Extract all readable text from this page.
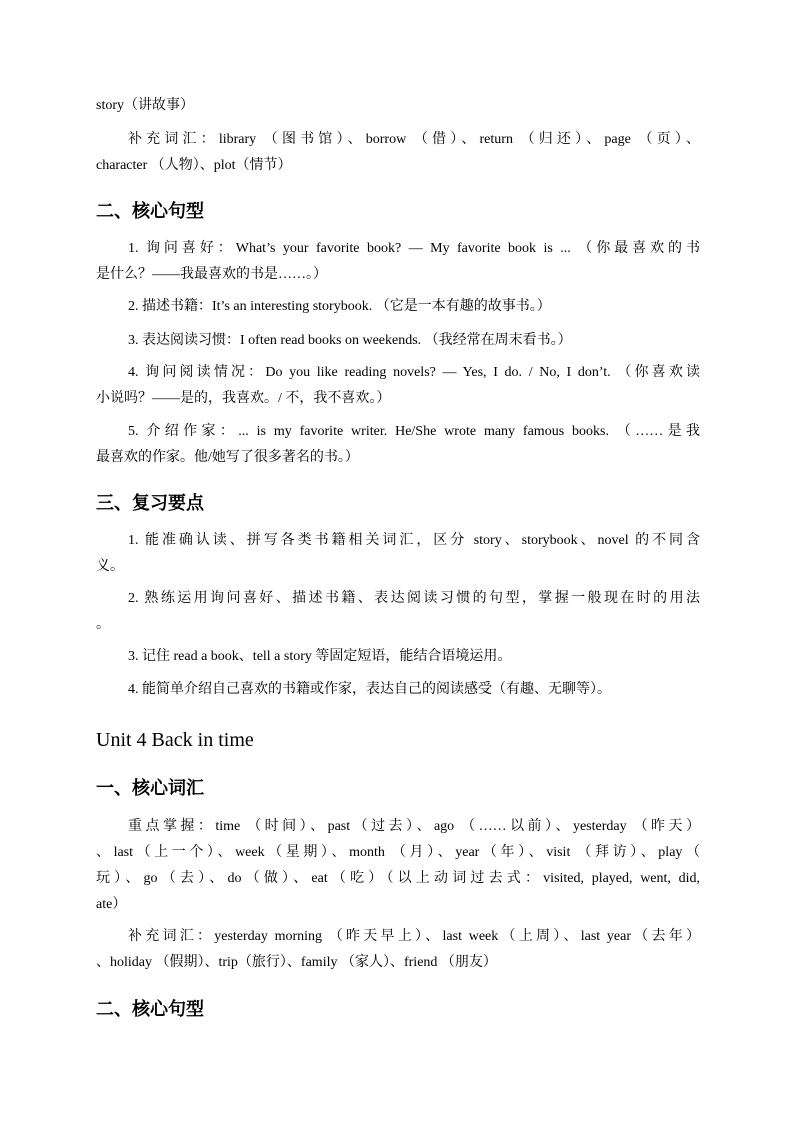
story（讲故事）
补充词汇：library （图书馆）、borrow （借）、return （归还）、page （页）、
character （人物）、plot（情节）
二、核心句型
1. 询问喜好：What’s your favorite book? — My favorite book is ... （你最喜欢的书
是什么？——我最喜欢的书是……。）
2. 描述书籍：It’s an interesting storybook. （它是一本有趣的故事书。）
3. 表达阅读习惯：I often read books on weekends. （我经常在周末看书。）
4. 询问阅读情况：Do you like reading novels? — Yes, I do. / No, I don’t. （你喜欢读
小说吗？——是的，我喜欢。/ 不，我不喜欢。）
5. 介绍作家：... is my favorite writer. He/She wrote many famous books. （……是我
最喜欢的作家。他/她写了很多著名的书。）
三、复习要点
1. 能准确认读、拼写各类书籍相关词汇，区分 story、storybook、novel 的不同含
义。
2. 熟练运用询问喜好、描述书籍、表达阅读习惯的句型，掌握一般现在时的用法
。
3. 记住 read a book、tell a story 等固定短语，能结合语境运用。
4. 能简单介绍自己喜欢的书籍或作家，表达自己的阅读感受（有趣、无聊等）。
Unit 4 Back in time
一、核心词汇
重点掌握：time （时间）、past（过去）、ago （……以前）、yesterday （昨天）
、last（上一个）、week（星期）、month （月）、year（年）、visit （拜访）、play（
玩）、go（去）、do（做）、eat（吃）（以上动词过去式：visited, played, went, did,
ate）
补充词汇：yesterday morning （昨天早上）、last week（上周）、last year（去年）
、holiday （假期）、trip（旅行）、family （家人）、friend （朋友）
二、核心句型
